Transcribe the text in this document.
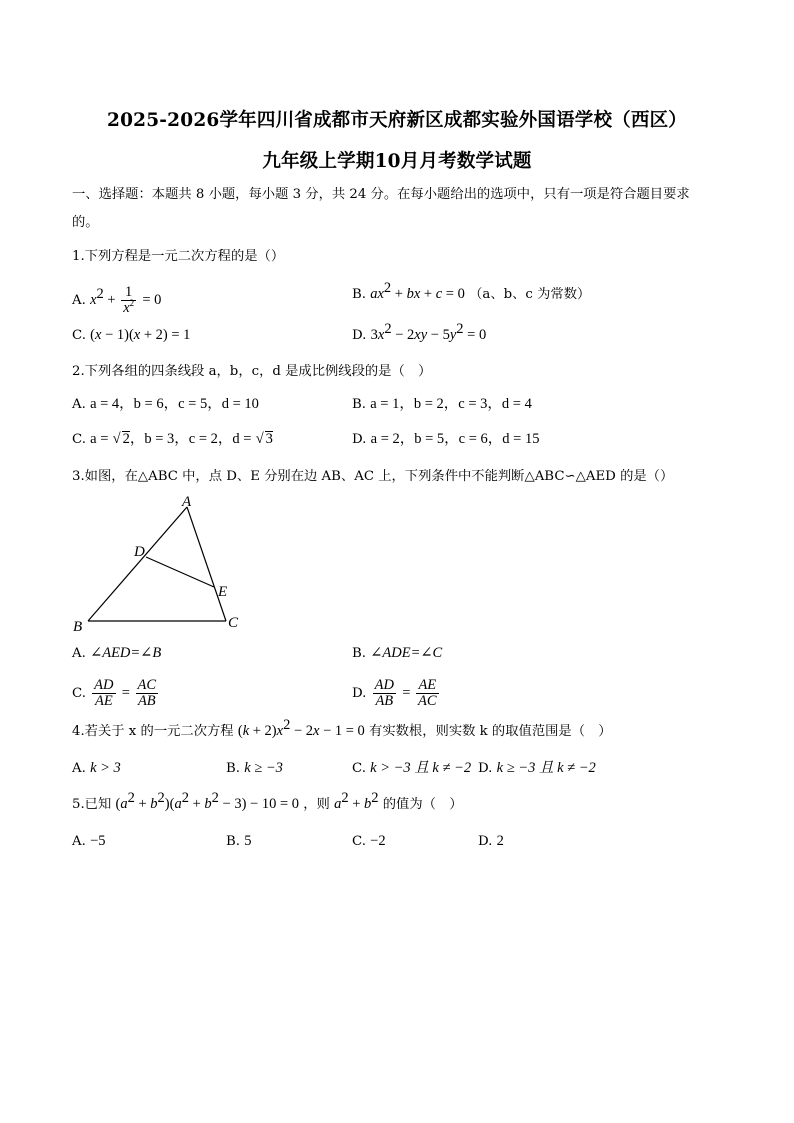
2025-2026学年四川省成都市天府新区成都实验外国语学校（西区）
九年级上学期10月月考数学试题
一、选择题：本题共 8 小题，每小题 3 分，共 24 分。在每小题给出的选项中，只有一项是符合题目要求
的。
1.下列方程是一元二次方程的是（）
A. $x^2 + \frac{1}{x^2} = 0$	B. $ax^2$ + bx + c = 0 （a、b、c 为常数）
C. (x − 1)(x + 2) = 1	D. $3x^2 - 2xy - 5y^2 = 0$
2.下列各组的四条线段 a，b，c，d 是成比例线段的是（　）
A. a = 4，b = 6，c = 5，d = 10	B. a = 1，b = 2，c = 3，d = 4
C. a = √ 2，b = 3，c = 2，d = √ 3	D. a = 2，b = 5，c = 6，d = 15
3.如图，在△ABC 中，点 D、E 分别在边 AB、AC 上，下列条件中不能判断△ABC∽△AED 的是（）
A
B	C
D
E
A. ∠AED=∠B	B. ∠ADE=∠C
C. $\frac{AD}{AE} = \frac{AC}{AB}$	D. $\frac{AD}{AB} = \frac{AE}{AC}$
4.若关于 x 的一元二次方程 $(k + 2)x^2 - 2x - 1 = 0$ 有实数根，则实数 k 的取值范围是（　）
A. k > 3	B. k ≥ −3	C. k > −3 且 k ≠ −2 D. k ≥ −3 且 k ≠ −2
5.已知 $(a^2 + b^2)(a^2 + b^2 - 3) - 10 = 0$ ，则 $a^2 + b^2$ 的值为（　）
A. −5	B. 5	C. −2	D. 2
